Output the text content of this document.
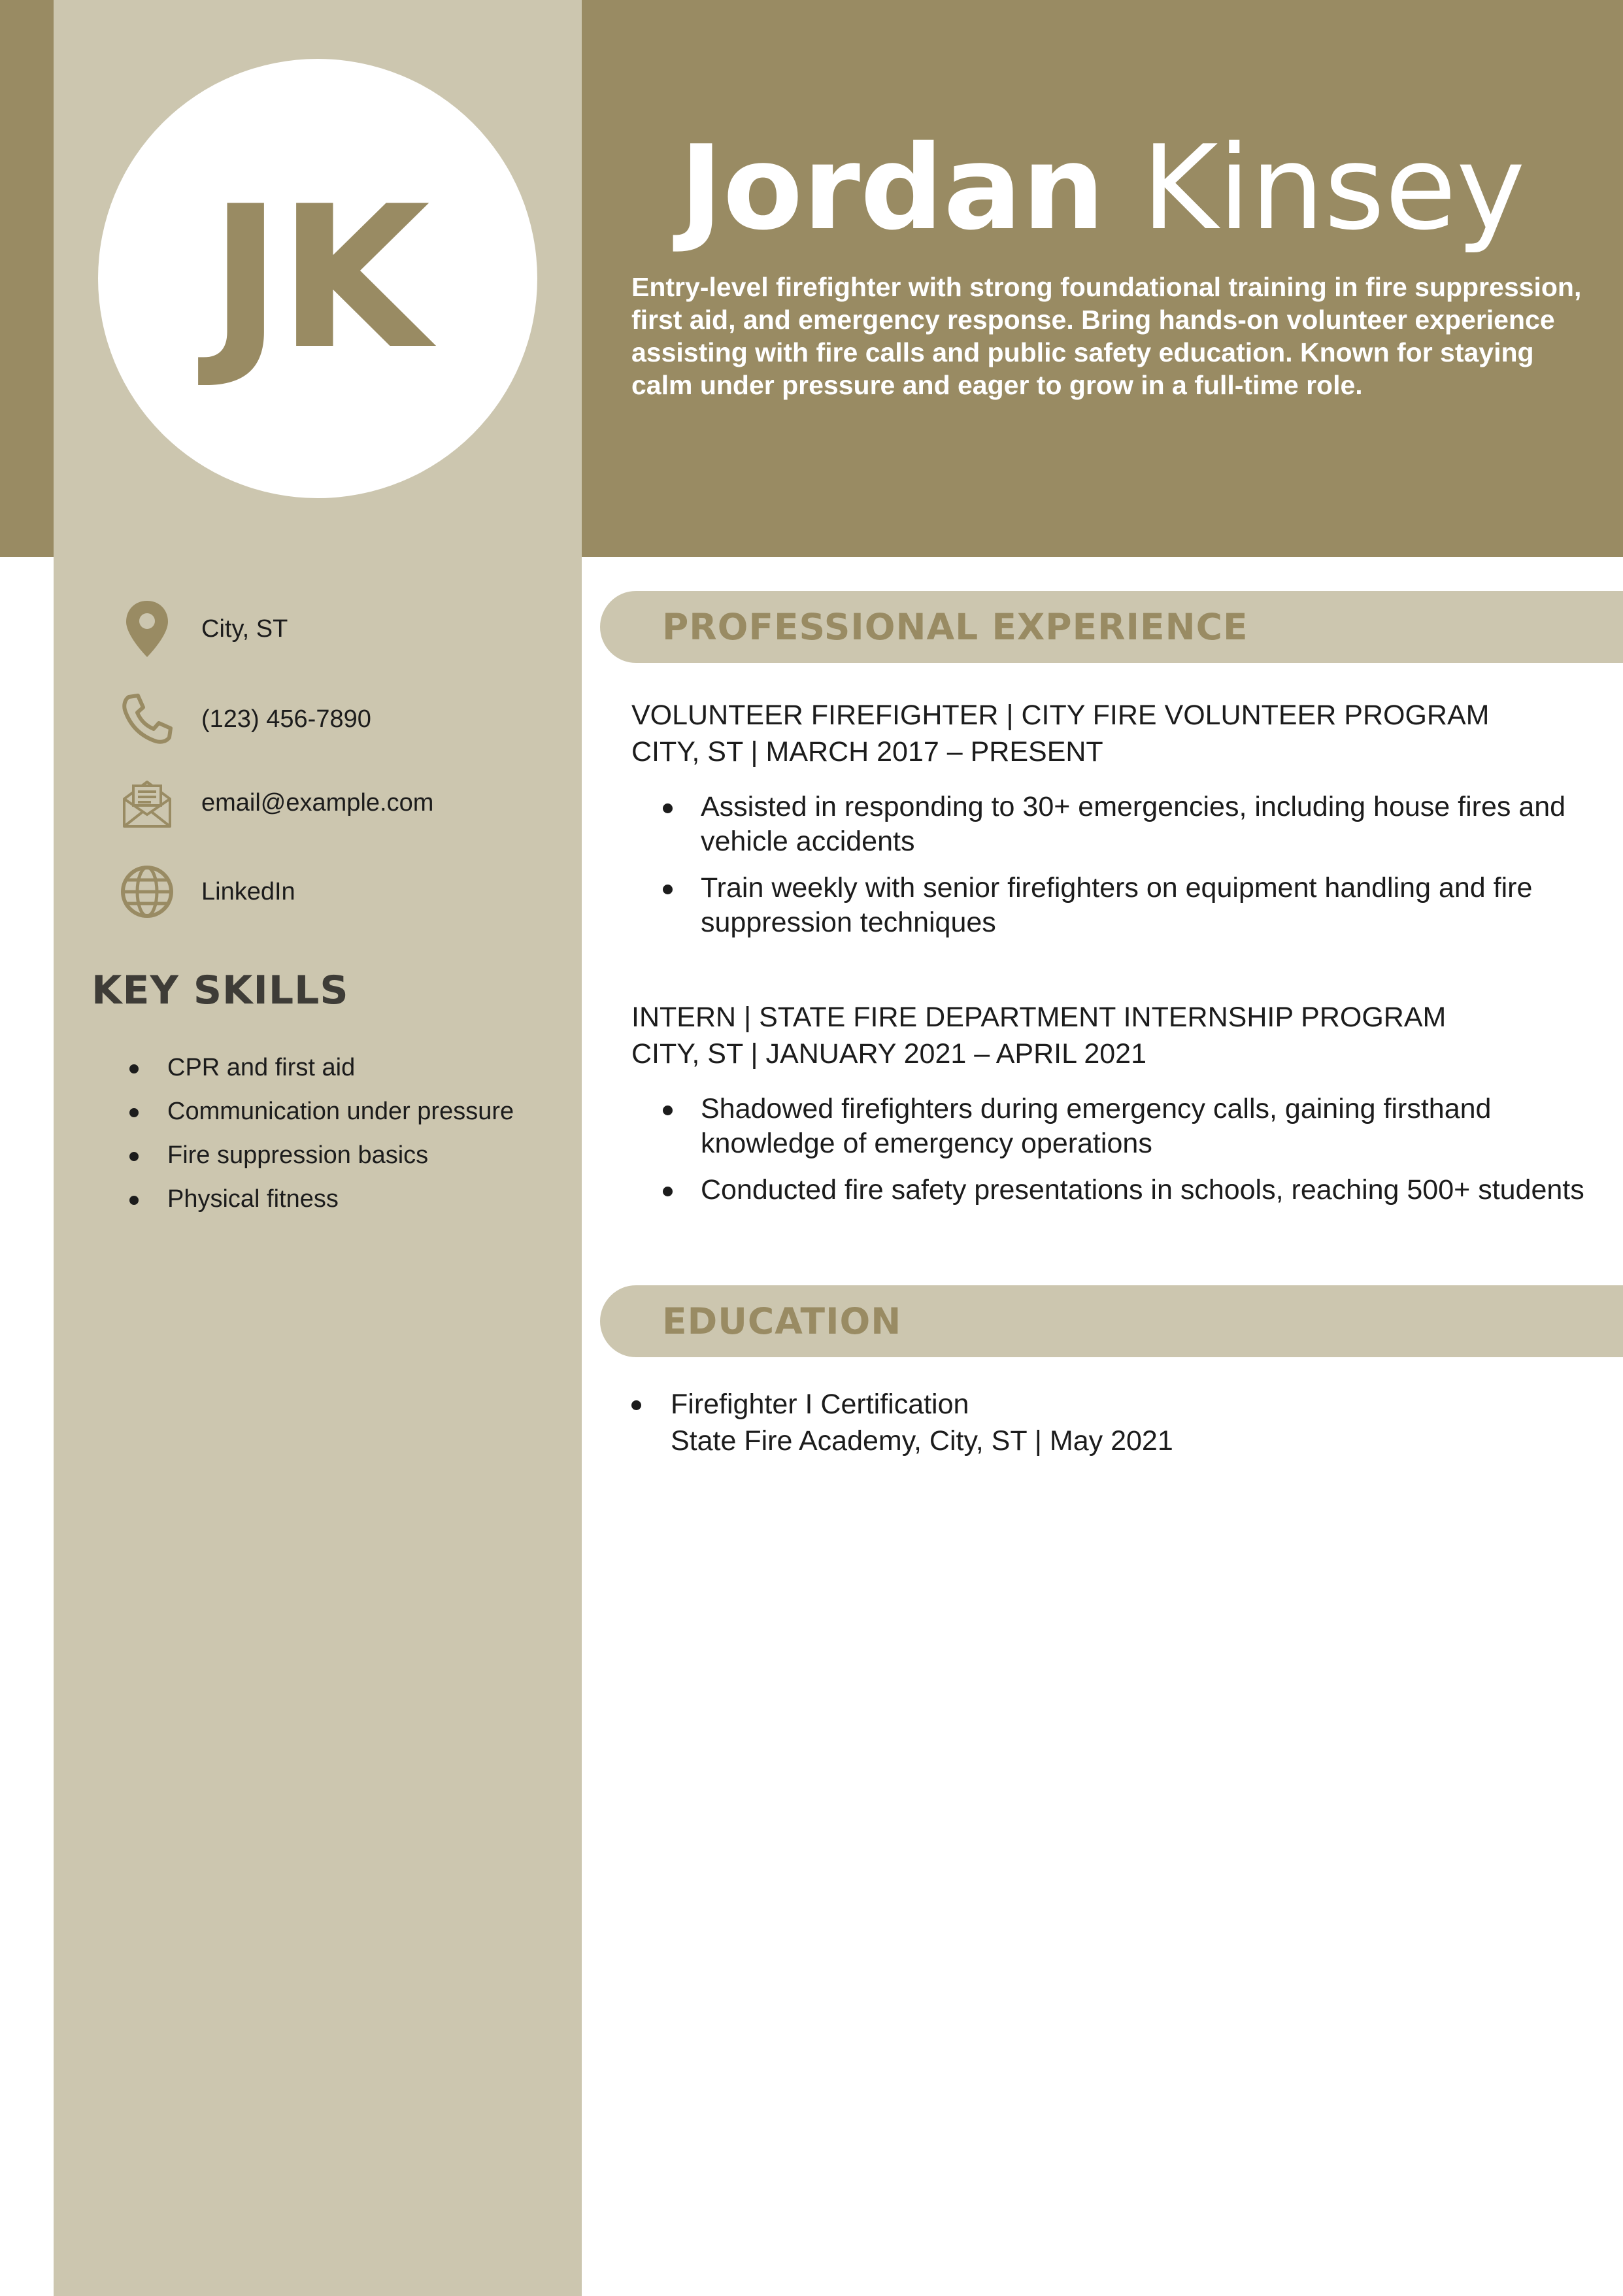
JK	Jordan Kinsey
Entry-level firefighter with strong foundational training in fire suppression, first aid, and emergency response. Bring hands-on volunteer experience assisting with fire calls and public safety education. Known for staying calm under pressure and eager to grow in a full-time role.
City, ST
(123) 456-7890
email@example.com
LinkedIn
KEY SKILLS
CPR and first aid
Communication under pressure
Fire suppression basics
Physical fitness
PROFESSIONAL EXPERIENCE
VOLUNTEER FIREFIGHTER | CITY FIRE VOLUNTEER PROGRAM
CITY, ST | MARCH 2017 – PRESENT
Assisted in responding to 30+ emergencies, including house fires and vehicle accidents
Train weekly with senior firefighters on equipment handling and fire suppression techniques
INTERN | STATE FIRE DEPARTMENT INTERNSHIP PROGRAM
CITY, ST | JANUARY 2021 – APRIL 2021
Shadowed firefighters during emergency calls, gaining firsthand knowledge of emergency operations
Conducted fire safety presentations in schools, reaching 500+ students
EDUCATION
Firefighter I Certification
State Fire Academy, City, ST | May 2021
